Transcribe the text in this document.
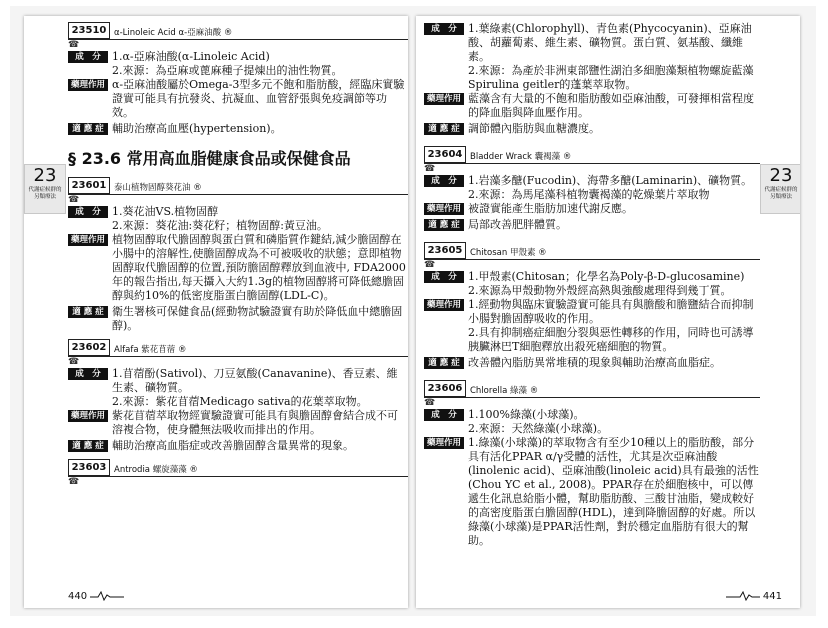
23
代謝症候群的另類療法
23510 α-Linoleic Acid α-亞麻油酸 ®
☎
成　分	1.α-亞麻油酸(α-Linoleic Acid)
2.來源：為亞麻或蓖麻種子提煉出的油性物質。
藥理作用 α-亞麻油酸屬於Omega-3型多元不飽和脂肪酸，經臨床實驗證實可能具有抗發炎、抗凝血、血管舒張與免疫調節等功效。
適 應 症 輔助治療高血壓(hypertension)。
§ 23.6 常用高血脂健康食品或保健食品
23601 泰山植物固醇葵花油 ®
☎
成　分	1.葵花油VS.植物固醇
2.來源：葵花油:葵花籽；植物固醇:黃豆油。
藥理作用 植物固醇取代膽固醇與蛋白質和磷脂質作鍵結,減少膽固醇在小腸中的溶解性,使膽固醇成為不可被吸收的狀態；意即植物固醇取代膽固醇的位置,預防膽固醇釋放到血液中, FDA2000年的報告指出,每天攝入大約1.3g的植物固醇將可降低總膽固醇與約10%的低密度脂蛋白膽固醇(LDL-C)。
適 應 症 衛生署核可保健食品(經動物試驗證實有助於降低血中總膽固醇)。
23602 Alfafa 紫花苜蓿 ®
☎
成　分	1.苜蓿酚(Sativol)、刀豆氨酸(Canavanine)、香豆素、維生素、礦物質。
2.來源：紫花苜蓿Medicago sativa的花葉萃取物。
藥理作用 紫花苜蓿萃取物經實驗證實可能具有與膽固醇會結合成不可溶複合物，使身體無法吸收而排出的作用。
適 應 症 輔助治療高血脂症或改善膽固醇含量異常的現象。
23603 Antrodia 螺旋藻藻 ®
☎
440
23
代謝症候群的另類療法
成　分	1.葉綠素(Chlorophyll)、青色素(Phycocyanin)、亞麻油酸、胡蘿蔔素、維生素、礦物質。蛋白質、氨基酸、纖維素。
2.來源：為產於非洲東部鹽性湖泊多細胞藻類植物螺旋藍藻Spirulina geitler的蓬葉萃取物。
藥理作用 藍藻含有大量的不飽和脂肪酸如亞麻油酸，可發揮相當程度的降血脂與降血壓作用。
適 應 症 調節體內脂肪與血糖濃度。
23604 Bladder Wrack 囊褐藻 ®
☎
成　分	1.岩藻多醣(Fucodin)、海帶多醣(Laminarin)、礦物質。
2.來源：為馬尾藻科植物囊褐藻的乾燥葉片萃取物
藥理作用 被證實能產生脂肪加速代謝反應。
適 應 症 局部改善肥胖體質。
23605 Chitosan 甲殼素 ®
☎
成　分	1.甲殼素(Chitosan；化學名為Poly-β-D-glucosamine)
2.來源為甲殼動物外殼經高熱與強酸處理得到幾丁質。
藥理作用 1.經動物與臨床實驗證實可能具有與膽酸和膽鹽結合而抑制小腸對膽固醇吸收的作用。
2.具有抑制癌症細胞分裂與惡性轉移的作用，同時也可誘導胰臟淋巴T細胞釋放出殺死癌細胞的物質。
適 應 症 改善體內脂肪異常堆積的現象與輔助治療高血脂症。
23606 Chlorella 綠藻 ®
☎
成　分	1.100%綠藻(小球藻)。
2.來源：天然綠藻(小球藻)。
藥理作用 1.綠藻(小球藻)的萃取物含有至少10種以上的脂肪酸，部分具有活化PPAR α/γ受體的活性，尤其是次亞麻油酸(linolenic acid)、亞麻油酸(linoleic acid)具有最強的活性(Chou YC et al., 2008)。PPAR存在於細胞核中，可以傳遞生化訊息給脂小體，幫助脂肪酸、三酸甘油脂，變成較好的高密度脂蛋白膽固醇(HDL)，達到降膽固醇的好處。所以綠藻(小球藻)是PPAR活性劑，對於穩定血脂肪有很大的幫助。
441
